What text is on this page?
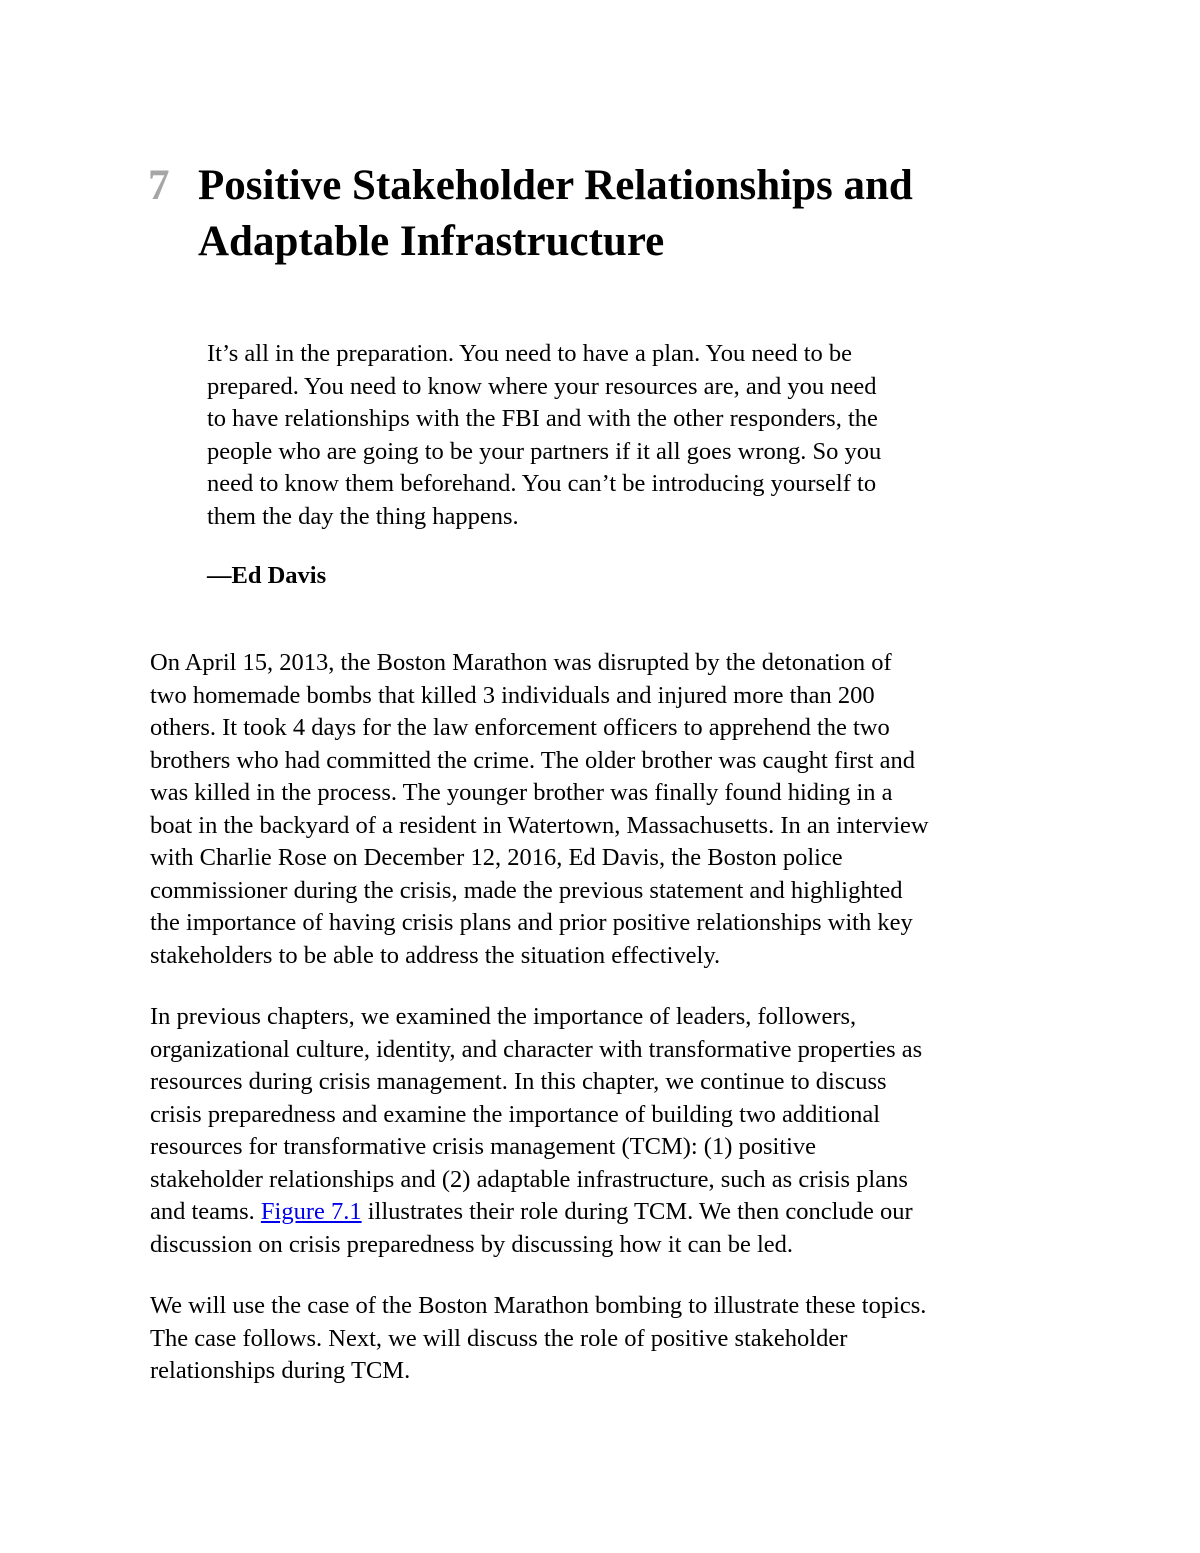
7 Positive Stakeholder Relationships and
Adaptable Infrastructure

It’s all in the preparation. You need to have a plan. You need to be
prepared. You need to know where your resources are, and you need
to have relationships with the FBI and with the other responders, the
people who are going to be your partners if it all goes wrong. So you
need to know them beforehand. You can’t be introducing yourself to
them the day the thing happens.

—Ed Davis

On April 15, 2013, the Boston Marathon was disrupted by the detonation of
two homemade bombs that killed 3 individuals and injured more than 200
others. It took 4 days for the law enforcement officers to apprehend the two
brothers who had committed the crime. The older brother was caught first and
was killed in the process. The younger brother was finally found hiding in a
boat in the backyard of a resident in Watertown, Massachusetts. In an interview
with Charlie Rose on December 12, 2016, Ed Davis, the Boston police
commissioner during the crisis, made the previous statement and highlighted
the importance of having crisis plans and prior positive relationships with key
stakeholders to be able to address the situation effectively.

In previous chapters, we examined the importance of leaders, followers,
organizational culture, identity, and character with transformative properties as
resources during crisis management. In this chapter, we continue to discuss
crisis preparedness and examine the importance of building two additional
resources for transformative crisis management (TCM): (1) positive
stakeholder relationships and (2) adaptable infrastructure, such as crisis plans
and teams. Figure 7.1 illustrates their role during TCM. We then conclude our
discussion on crisis preparedness by discussing how it can be led.

We will use the case of the Boston Marathon bombing to illustrate these topics.
The case follows. Next, we will discuss the role of positive stakeholder
relationships during TCM.
